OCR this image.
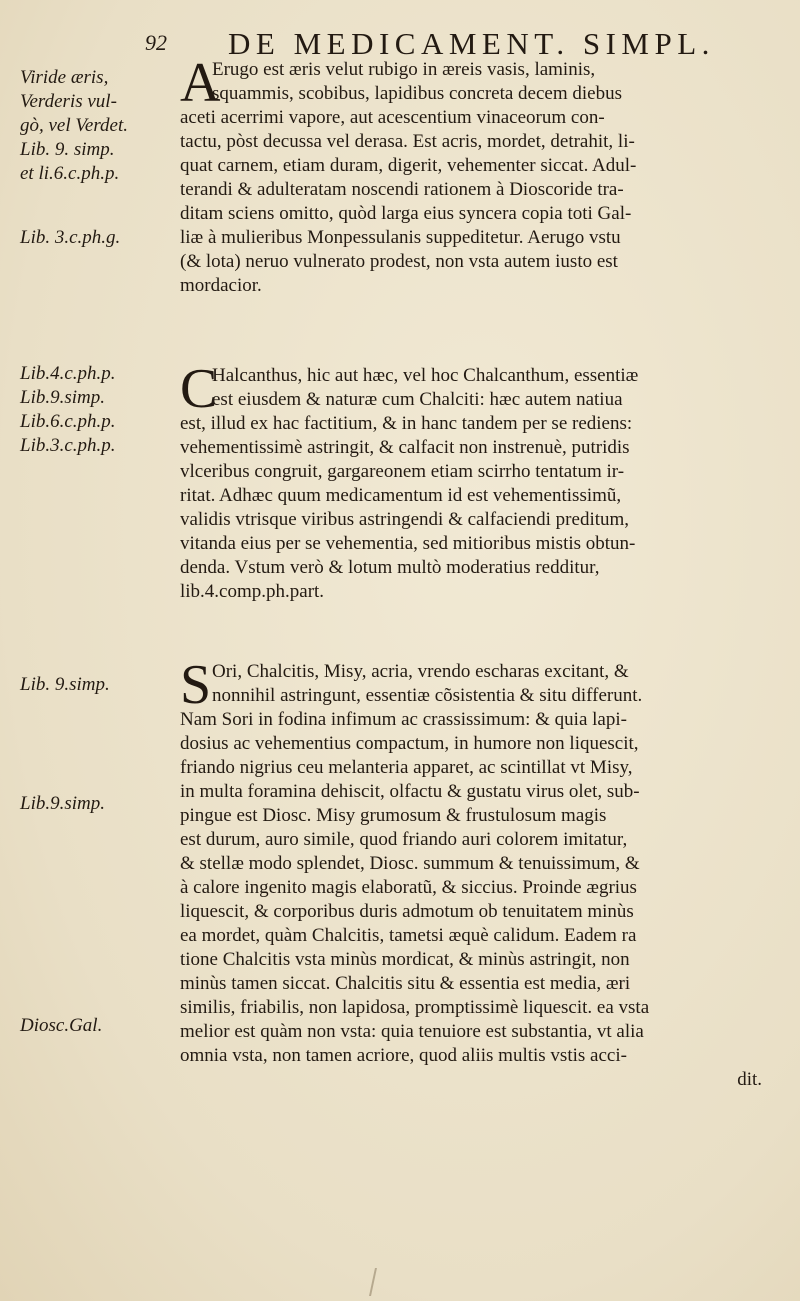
92 DE MEDICAMENT. SIMPL.
Viride æris,
Verderis vul-
gò, vel Verdet.
Lib. 9. simp.
et li.6.c.ph.p.
Lib. 3.c.ph.g.
Lib.4.c.ph.p.
Lib.9.simp.
Lib.6.c.ph.p.
Lib.3.c.ph.p.
Lib. 9.simp.
Lib.9.simp.
Diosc.Gal.
A
Erugo est æris velut rubigo in æreis vasis, laminis,
squammis, scobibus, lapidibus concreta decem diebus
aceti acerrimi vapore, aut acescentium vinaceorum con-
tactu, pòst decussa vel derasa. Est acris, mordet, detrahit, li-
quat carnem, etiam duram, digerit, vehementer siccat. Adul-
terandi & adulteratam noscendi rationem à Dioscoride tra-
ditam sciens omitto, quòd larga eius syncera copia toti Gal-
liæ à mulieribus Monpessulanis suppeditetur. Aerugo vstu
(& lota) neruo vulnerato prodest, non vsta autem iusto est
mordacior.
C
Halcanthus, hic aut hæc, vel hoc Chalcanthum, essentiæ
est eiusdem & naturæ cum Chalciti: hæc autem natiua
est, illud ex hac factitium, & in hanc tandem per se rediens:
vehementissimè astringit, & calfacit non instrenuè, putridis
vlceribus congruit, gargareonem etiam scirrho tentatum ir-
ritat. Adhæc quum medicamentum id est vehementissimũ,
validis vtrisque viribus astringendi & calfaciendi preditum,
vitanda eius per se vehementia, sed mitioribus mistis obtun-
denda. Vstum verò & lotum multò moderatius redditur,
lib.4.comp.ph.part.
S Ori, Chalcitis, Misy, acria, vrendo escharas excitant, &
nonnihil astringunt, essentiæ cõsistentia & situ differunt.
Nam Sori in fodina infimum ac crassissimum: & quia lapi-
dosius ac vehementius compactum, in humore non liquescit,
friando nigrius ceu melanteria apparet, ac scintillat vt Misy,
in multa foramina dehiscit, olfactu & gustatu virus olet, sub-
pingue est Diosc. Misy grumosum & frustulosum magis
est durum, auro simile, quod friando auri colorem imitatur,
& stellæ modo splendet, Diosc. summum & tenuissimum, &
à calore ingenito magis elaboratũ, & siccius. Proinde ægrius
liquescit, & corporibus duris admotum ob tenuitatem minùs
ea mordet, quàm Chalcitis, tametsi æquè calidum. Eadem ra
tione Chalcitis vsta minùs mordicat, & minùs astringit, non
minùs tamen siccat. Chalcitis situ & essentia est media, æri
similis, friabilis, non lapidosa, promptissimè liquescit. ea vsta
melior est quàm non vsta: quia tenuiore est substantia, vt alia
omnia vsta, non tamen acriore, quod aliis multis vstis acci-
dit.
